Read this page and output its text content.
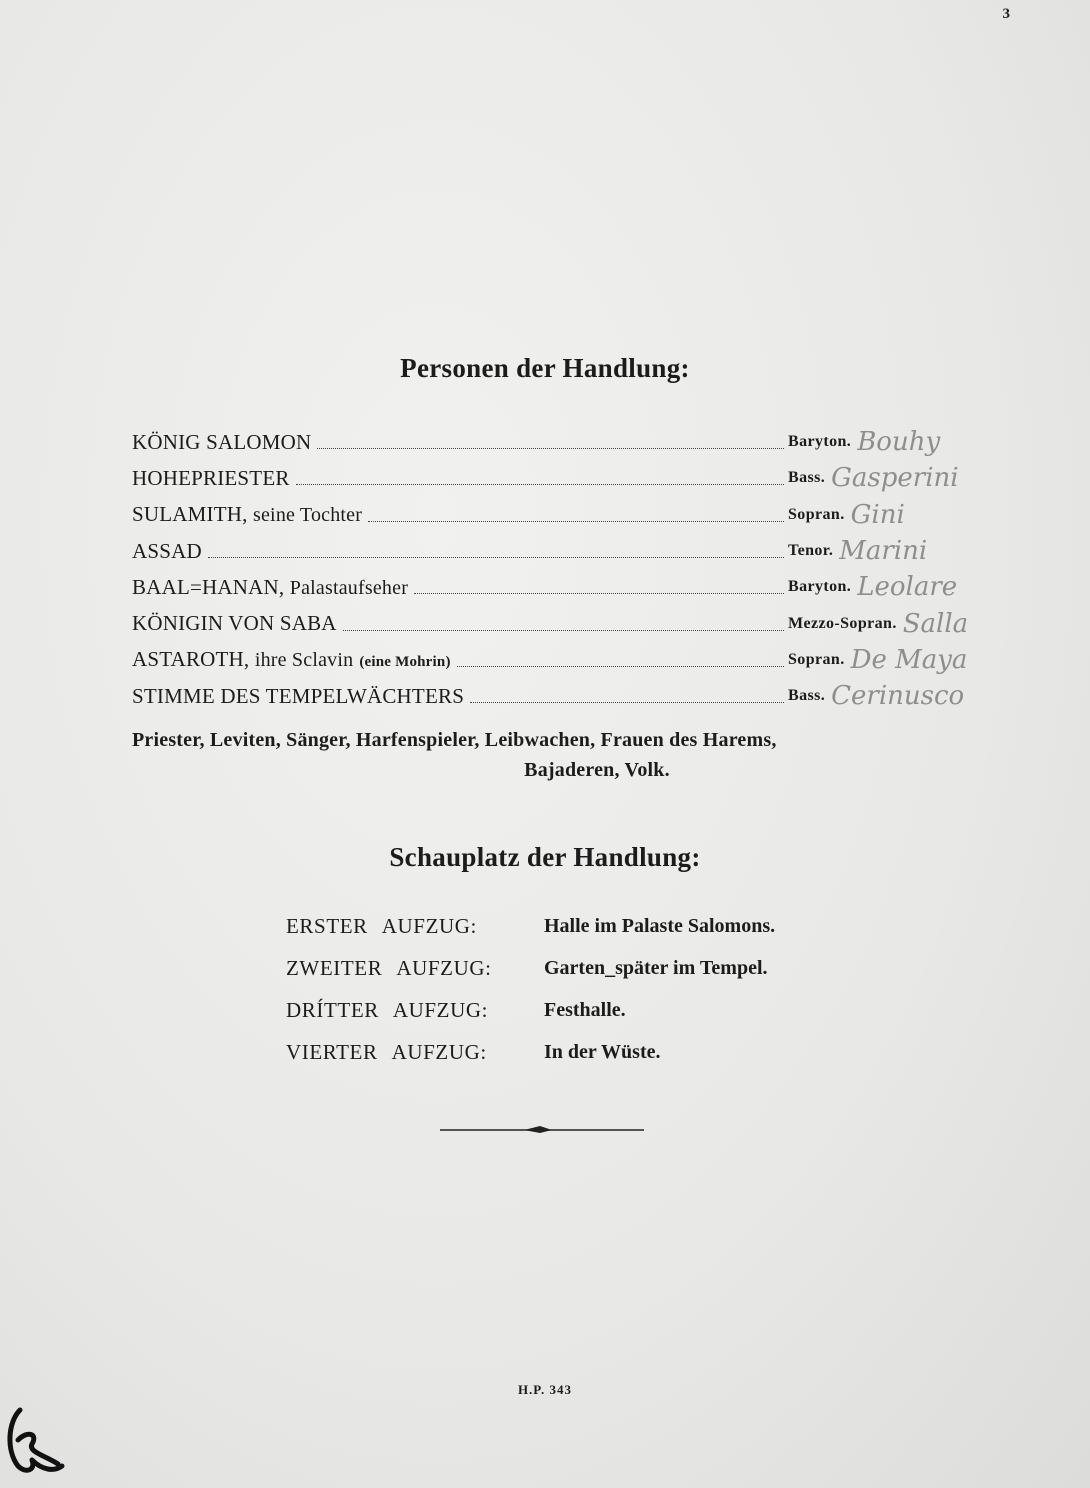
3
Personen der Handlung:
KÖNIG SALOMON	Baryton. Bouhy
HOHEPRIESTER	Bass. Gasperini
SULAMITH, seine Tochter	Sopran. Gini
ASSAD	Tenor. Marini
BAAL=HANAN, Palastaufseher	Baryton. Leolare
KÖNIGIN VON SABA	Mezzo-Sopran. Salla
ASTAROTH, ihre Sclavin (eine Mohrin)	Sopran. De Maya
STIMME DES TEMPELWÄCHTERS	Bass. Cerinusco
Priester, Leviten, Sänger, Harfenspieler, Leibwachen, Frauen des Harems,
Bajaderen, Volk.
Schauplatz der Handlung:
ERSTER AUFZUG:	Halle im Palaste Salomons.
ZWEITER AUFZUG:	Garten_später im Tempel.
DRÍTTER AUFZUG:	Festhalle.
VIERTER AUFZUG:	In der Wüste.
H.P. 343
